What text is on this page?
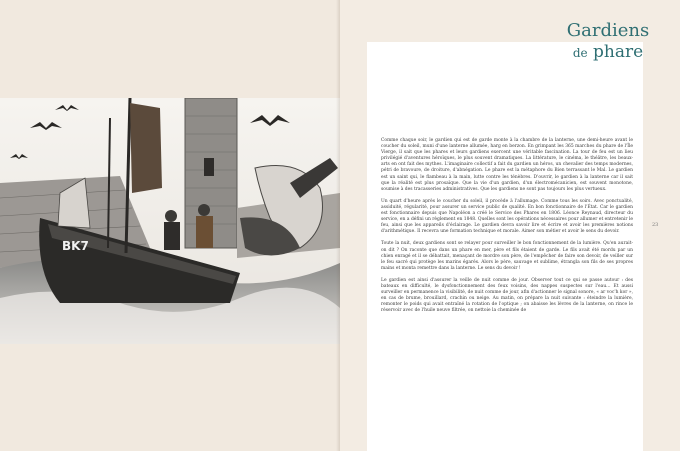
BK7

Comme chaque soir, le gardien qui est de garde monte à la chambre de la lanterne, une demi-heure avant le coucher du soleil, muni d'une lanterne allumée, harg en berzon. En grimpant les 365 marches du phare de l'Île Vierge, il sait que les phares et leurs gardiens exercent une véritable fascination. La tour de feu est un lieu privilégié d'aventures héroïques, le plus souvent dramatiques. La littérature, le cinéma, le théâtre, les beaux-arts en ont fait des mythes. L'imaginaire collectif a fait du gardien un héros, un chevalier des temps modernes, pétri de bravoure, de droiture, d'abnégation. Le phare est la métaphore du Bien terrassant le Mal. Le gardien est un saint qui, le flambeau à la main, lutte contre les ténèbres. D'ouvrir, le gardien à la lanterne car il sait que la réalité est plus prosaïque. Que la vie d'un gardien, d'un électromécanicien, est souvent monotone, soumise à des tracasseries administratives. Que les gardiens ne sont pas toujours les plus vertueux.

Un quart d'heure après le coucher du soleil, il procède à l'allumage. Comme tous les soirs. Avec ponctualité, assiduité, régularité, pour assurer un service public de qualité. En bon fonctionnaire de l'État. Car le gardien est fonctionnaire depuis que Napoléon a créé le Service des Phares en 1806. Léonce Reynaud, directeur du service, en a défini un règlement en 1848. Quelles sont les opérations nécessaires pour allumer et entretenir le feu, ainsi que les appareils d'éclairage. Le gardien devra savoir lire et écrire et avoir les premières notions d'arithmétique. Il recevra une formation technique et morale. Aimer son métier et avoir le sens du devoir.

Toute la nuit, deux gardiens sont se relayer pour surveiller le bon fonctionnement de la lumière. Qu'en aurait-on dit ? On raconte que dans un phare en mer, père et fils étaient de garde. Le fils avait été mordu par un chien enragé et il se débattait, menaçant de mordre son père, de l'empêcher de faire son devoir, de veiller sur le feu sacré qui protège les marins égarés. Alors le père, sauvage et sublime, étrangla son fils de ses propres mains et monta remettre dans la lanterne. Le sens du devoir !

Le gardien est ainsi d'assurer la veille de nuit comme de jour. Observer tout ce qui se passe autour : des bateaux en difficulté, le dysfonctionnement des feux voisins, des nappes suspectes sur l'eau… Et aussi surveiller en permanence la visibilité, de nuit comme de jour, afin d'actionner le signal sonore, « ar voc'h kor », en cas de brume, brouillard, crachin ou neige. Au matin, on prépare la nuit suivante : éteindre la lumière, remonter le poids qui avait entraîné la rotation de l'optique ; on abaisse les lèvres de la lanterne, on rince le réservoir avec de l'huile neuve filtrée, on nettoie la cheminée de

Gardiens
de phare
23
